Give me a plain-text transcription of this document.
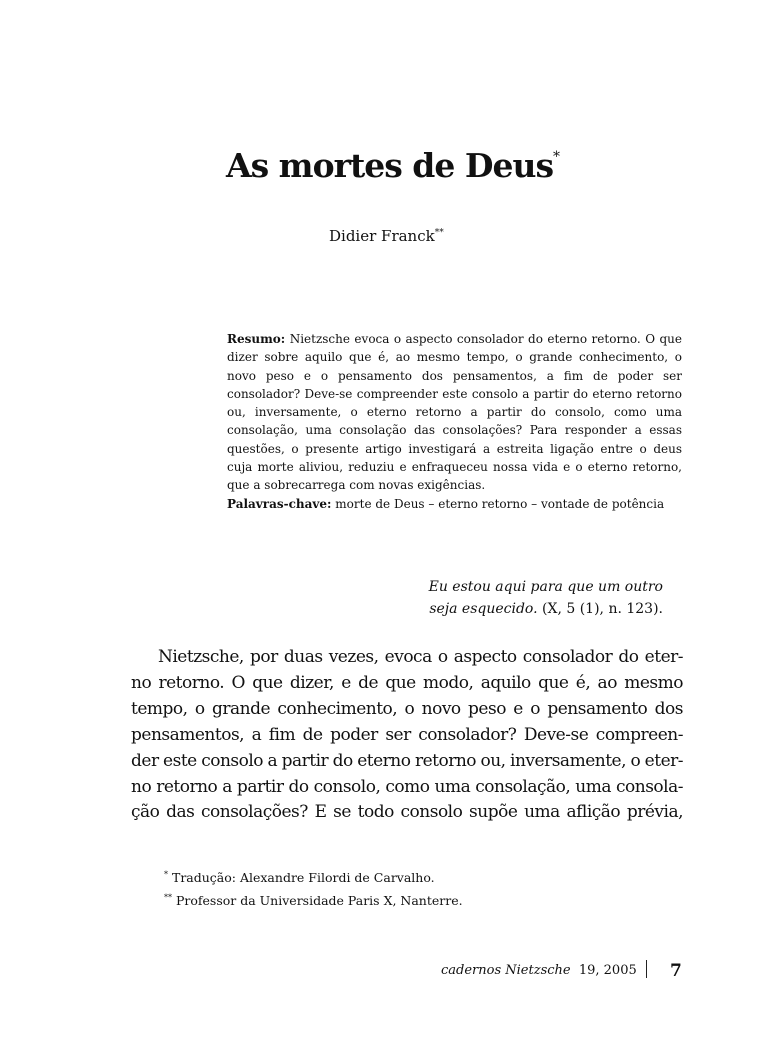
As mortes de Deus*
Didier Franck**

Resumo: Nietzsche evoca o aspecto consolador do eterno retorno. O que dizer sobre aquilo que é, ao mesmo tempo, o grande conhecimento, o novo peso e o pensamento dos pensamentos, a fim de poder ser consolador? Deve-se compreender este consolo a partir do eterno retorno ou, inversamente, o eterno retorno a partir do consolo, como uma consolação, uma consolação das consolações? Para responder a essas questões, o presente artigo investigará a estreita ligação entre o deus cuja morte aliviou, reduziu e enfraqueceu nossa vida e o eterno retorno, que a sobrecarrega com novas exigências.

Palavras-chave: morte de Deus – eterno retorno – vontade de potência

Eu estou aqui para que um outro
seja esquecido. (X, 5 (1), n. 123).
Nietzsche, por duas vezes, evoca o aspecto consolador do eter-
no retorno. O que dizer, e de que modo, aquilo que é, ao mesmo
tempo, o grande conhecimento, o novo peso e o pensamento dos
pensamentos, a fim de poder ser consolador? Deve-se compreen-
der este consolo a partir do eterno retorno ou, inversamente, o eter-
no retorno a partir do consolo, como uma consolação, uma consola-
ção das consolações? E se todo consolo supõe uma aflição prévia,
* Tradução: Alexandre Filordi de Carvalho.
** Professor da Universidade Paris X, Nanterre.
cadernos Nietzsche 19, 2005 7
